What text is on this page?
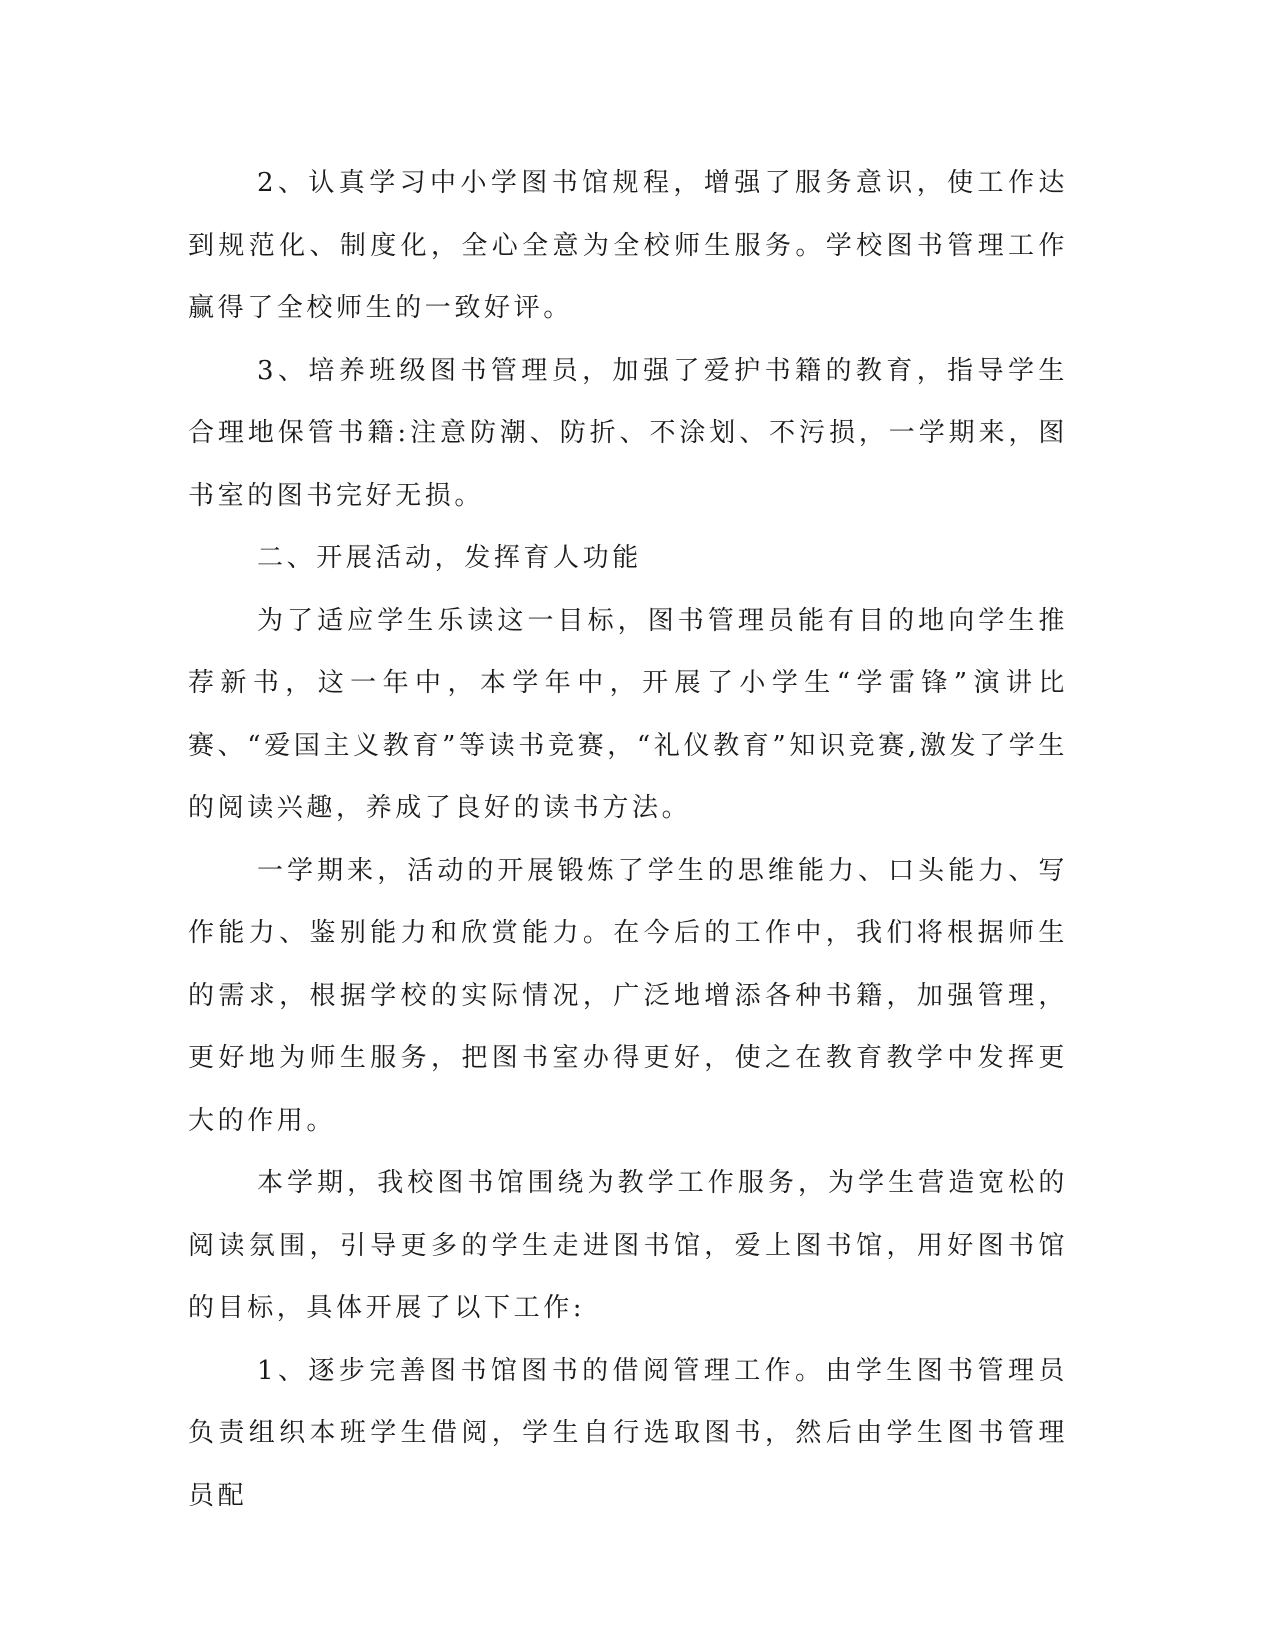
2、认真学习中小学图书馆规程，增强了服务意识，使工作达到规范化、制度化，全心全意为全校师生服务。学校图书管理工作赢得了全校师生的一致好评。

3、培养班级图书管理员，加强了爱护书籍的教育，指导学生合理地保管书籍:注意防潮、防折、不涂划、不污损，一学期来，图书室的图书完好无损。

二、开展活动，发挥育人功能

为了适应学生乐读这一目标，图书管理员能有目的地向学生推荐新书，这一年中，本学年中，开展了小学生“学雷锋”演讲比赛、“爱国主义教育”等读书竞赛，“礼仪教育”知识竞赛,激发了学生的阅读兴趣，养成了良好的读书方法。

一学期来，活动的开展锻炼了学生的思维能力、口头能力、写作能力、鉴别能力和欣赏能力。在今后的工作中，我们将根据师生的需求，根据学校的实际情况，广泛地增添各种书籍，加强管理，更好地为师生服务，把图书室办得更好，使之在教育教学中发挥更大的作用。

本学期，我校图书馆围绕为教学工作服务，为学生营造宽松的阅读氛围，引导更多的学生走进图书馆，爱上图书馆，用好图书馆的目标，具体开展了以下工作:

1、逐步完善图书馆图书的借阅管理工作。由学生图书管理员负责组织本班学生借阅，学生自行选取图书，然后由学生图书管理员配
